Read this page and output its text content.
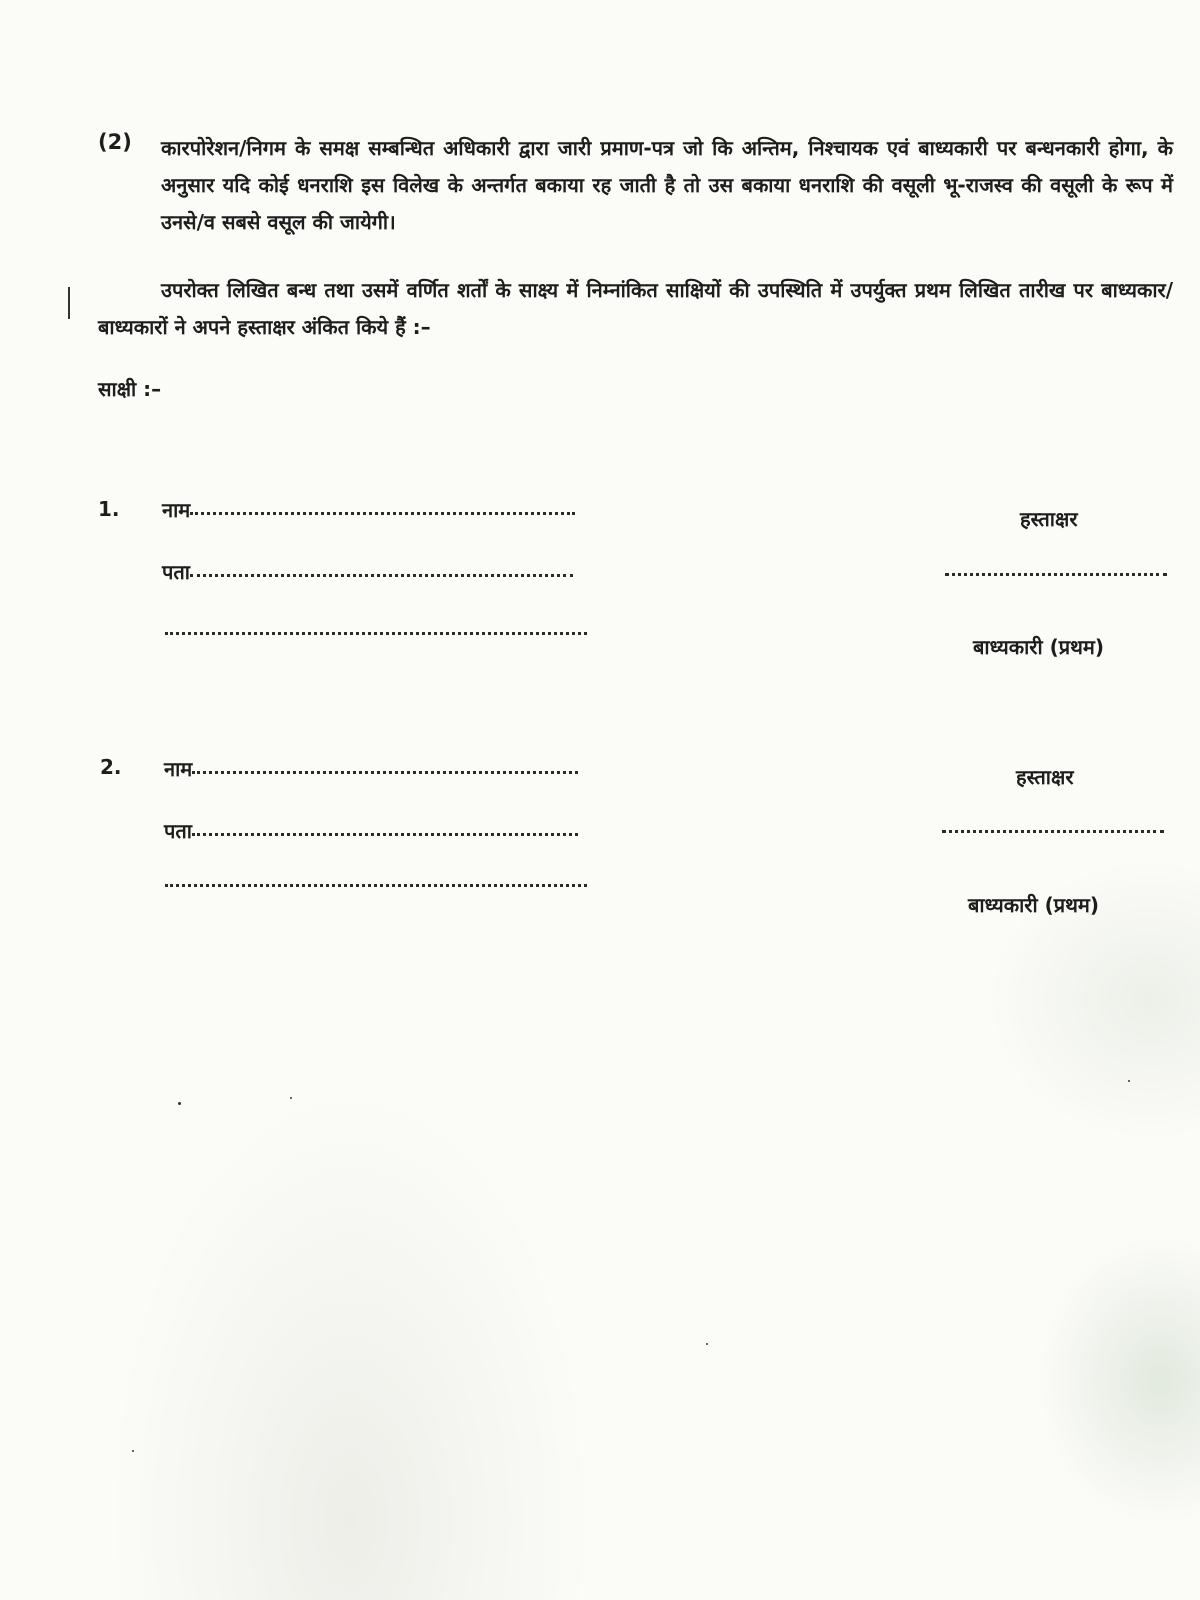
(2) कारपोरेशन/निगम के समक्ष सम्बन्धित अधिकारी द्वारा जारी प्रमाण-पत्र जो कि अन्तिम, निश्चायक एवं बाध्यकारी पर बन्धनकारी होगा, के अनुसार यदि कोई धनराशि इस विलेख के अन्तर्गत बकाया रह जाती है तो उस बकाया धनराशि की वसूली भू-राजस्व की वसूली के रूप में उनसे/व सबसे वसूल की जायेगी।
उपरोक्त लिखित बन्ध तथा उसमें वर्णित शर्तों के साक्ष्य में निम्नांकित साक्षियों की उपस्थिति में उपर्युक्त प्रथम लिखित तारीख पर बाध्यकार/बाध्यकारों ने अपने हस्ताक्षर अंकित किये हैं :–
साक्षी :–
1. नाम
पता
हस्ताक्षर
बाध्यकारी (प्रथम)
2. नाम
पता
हस्ताक्षर
बाध्यकारी (प्रथम)
